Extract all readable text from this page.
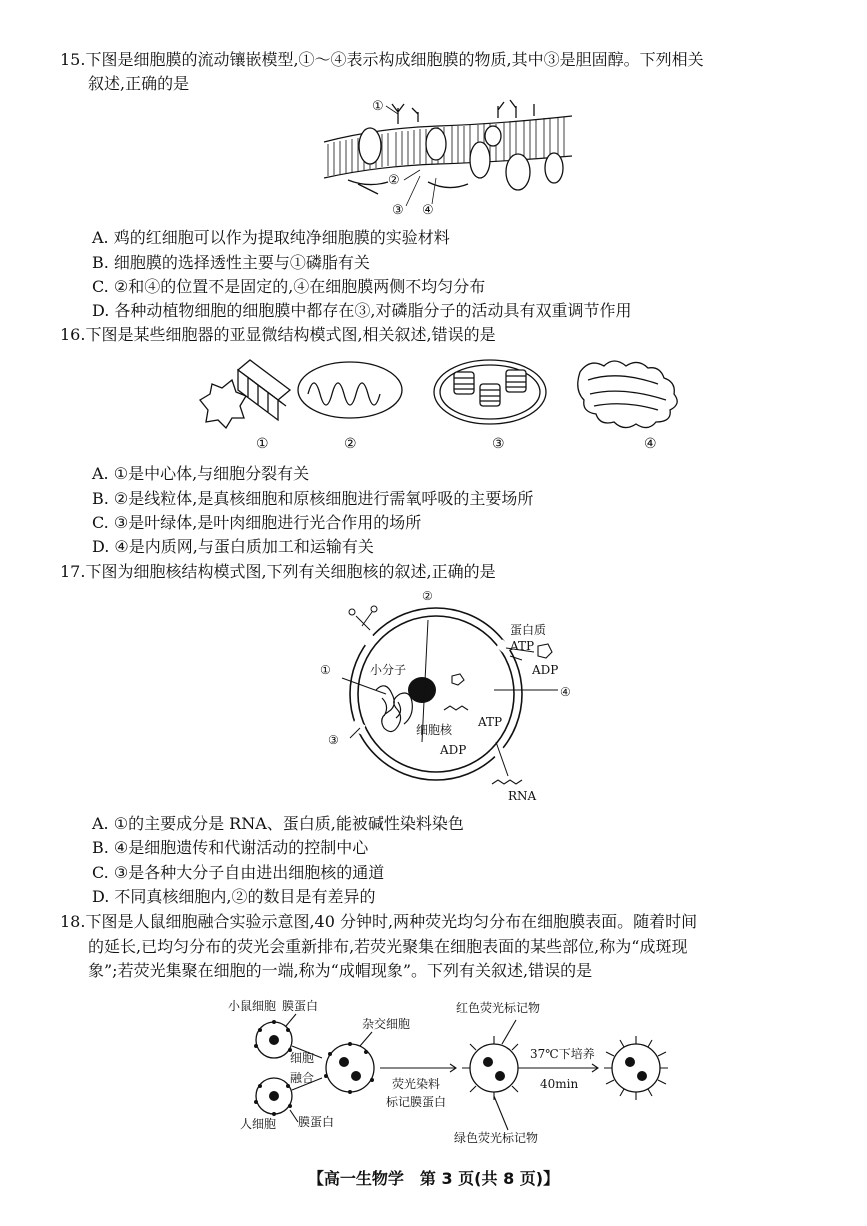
15.下图是细胞膜的流动镶嵌模型,①～④表示构成细胞膜的物质,其中③是胆固醇。下列相关
叙述,正确的是
①
②
③ ④
A. 鸡的红细胞可以作为提取纯净细胞膜的实验材料
B. 细胞膜的选择透性主要与①磷脂有关
C. ②和④的位置不是固定的,④在细胞膜两侧不均匀分布
D. 各种动植物细胞的细胞膜中都存在③,对磷脂分子的活动具有双重调节作用
16.下图是某些细胞器的亚显微结构模式图,相关叙述,错误的是
①	②	③	④
A. ①是中心体,与细胞分裂有关
B. ②是线粒体,是真核细胞和原核细胞进行需氧呼吸的主要场所
C. ③是叶绿体,是叶肉细胞进行光合作用的场所
D. ④是内质网,与蛋白质加工和运输有关
17.下图为细胞核结构模式图,下列有关细胞核的叙述,正确的是
①
②
③
④
蛋白质
ATP
ADP
小分子
细胞核
ATP
ADP
RNA
A. ①的主要成分是 RNA、蛋白质,能被碱性染料染色
B. ④是细胞遗传和代谢活动的控制中心
C. ③是各种大分子自由进出细胞核的通道
D. 不同真核细胞内,②的数目是有差异的
18.下图是人鼠细胞融合实验示意图,40 分钟时,两种荧光均匀分布在细胞膜表面。随着时间
的延长,已均匀分布的荧光会重新排布,若荧光聚集在细胞表面的某些部位,称为“成斑现
象”;若荧光集聚在细胞的一端,称为“成帽现象”。下列有关叙述,错误的是
小鼠细胞 膜蛋白
杂交细胞
细胞
融合
人细胞 膜蛋白
荧光染料
标记膜蛋白
红色荧光标记物
绿色荧光标记物
37℃下培养
40min
【高一生物学　第 3 页(共 8 页)】
